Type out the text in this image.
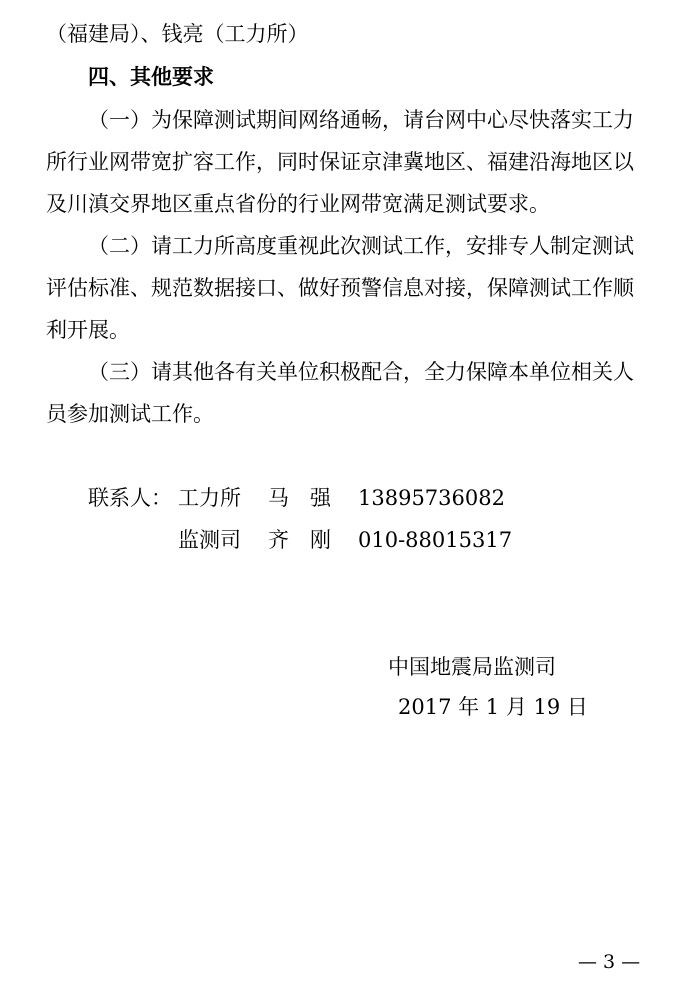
（福建局）、钱亮（工力所）
四、其他要求
（一）为保障测试期间网络通畅，请台网中心尽快落实工力
所行业网带宽扩容工作，同时保证京津冀地区、福建沿海地区以
及川滇交界地区重点省份的行业网带宽满足测试要求。
（二）请工力所高度重视此次测试工作，安排专人制定测试
评估标准、规范数据接口、做好预警信息对接，保障测试工作顺
利开展。
（三）请其他各有关单位积极配合，全力保障本单位相关人
员参加测试工作。
联系人： 工力所 马　强 13895736082
监测司 齐　刚 010-88015317
中国地震局监测司
2017 年 1 月 19 日
— 3 —
